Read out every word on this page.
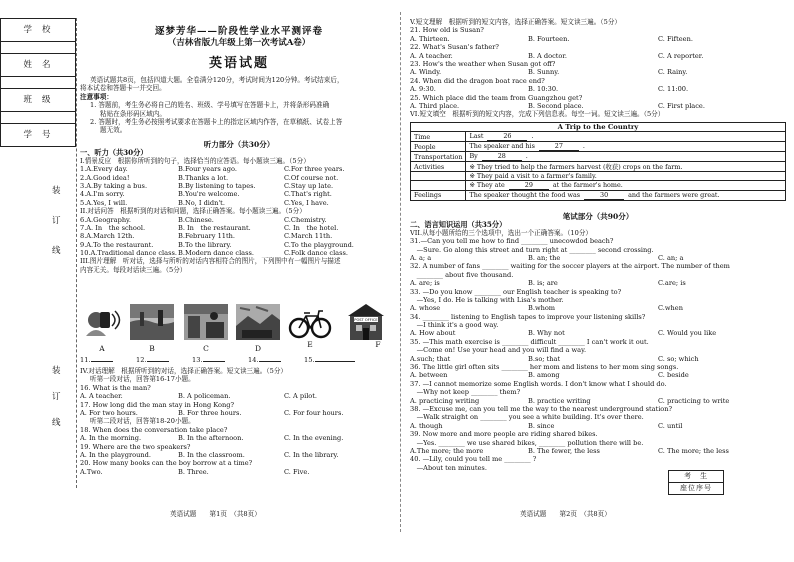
学校

姓名

班级

学号
装
订
线
装
订
线
逐梦芳华——阶段性学业水平测评卷
（吉林省版九年级上第一次考试A卷）
英语试题
英语试题共8页，包括四道大题。全卷满分120分，考试时间为120分钟。考试结束后，
将本试卷和答题卡一并交回。
注意事项：
1. 答题前，考生务必将自己的姓名、班级、学号填写在答题卡上，并将条形码准确
粘贴在条形码区域内。
2. 答题时，考生务必按照考试要求在答题卡上的指定区域内作答，在草稿纸、试卷上答
题无效。
听力部分（共30分）
一、听力（共30分）
I.情景反应　根据你所听到的句子，选择恰当的应答语。每小题读三遍。（5分）
1.A.Every day.	B.Four years ago.	C.For three years.
2.A.Good idea!	B.Thanks a lot.	C.Of course not.
3.A.By taking a bus.	B.By listening to tapes.	C.Stay up late.
4.A.I'm sorry.	B.You're welcome.	C.That's right.
5.A.Yes, I will.	B.No, I didn't.	C.Yes, I have.
II.对话问答　根据听到的对话和问题，选择正确答案。每小题读三遍。（5分）
6.A.Geography.	B.Chinese.	C.Chemistry.
7.A. In　the school.	B. In　the restaurant.	C. In　the hotel.
8.A.March 12th.	B.February 11th.	C.March 11th.
9.A.To the restaurant.	B.To the library.	C.To the playground.
10.A.Traditional dance class. B.Modern dance class.	C.Folk dance class.
III.图片理解　听对话，选择与所听的对话内容相符合的图片，下列图中有一幅图片与描述
内容无关。每段对话读三遍。（5分）
POST OFFICE
A	B	C	D	E	F
11.	12.	13.	14.	15.
IV.对话理解　根据所听到的对话，选择正确答案。短文读三遍。（5分）
听第一段对话，回答第16-17小题。
16. What is the man?
A. A teacher.	B. A policeman.	C. A pilot.
17. How long did the man stay in Hong Kong?
A. For two hours.	B. For three hours.	C. For four hours.
听第二段对话，回答第18-20小题。
18. When does the conversation take place?
A. In the morning.	B. In the afternoon.	C. In the evening.
19. Where are the two speakers?
A. In the playground.	B. In the classroom.	C. In the library.
20. How many books can the boy borrow at a time?
A.Two.	B. Three.	C. Five.
英语试题　　第1页　（共8页）
V.短文理解　根据听到的短文内容，选择正确答案。短文读三遍。（5分）
21. How old is Susan?
A. Thirteen.	B. Fourteen.	C. Fifteen.
22. What's Susan's father?
A. A teacher.	B. A doctor.	C. A reporter.
23. How's the weather when Susan got off?
A. Windy.	B. Sunny.	C. Rainy.
24. When did the dragon boat race end?
A. 9:30.	B. 10:30.	C. 11:00.
25. Which place did the team from Guangzhou get?
A. Third place.	B. Second place.	C. First place.
VI.短文填空　根据听到的短文内容，完成下列信息表。每空一词。短文读三遍。（5分）
A Trip to the Country	
Time	Last 26 .
People	The speaker and his 27 .
Transportation	By 28 .
Activities	※ They tried to help the farmers harvest (收获) crops on the farm.
	※ They paid a visit to a farmer's family.
	※ They ate 29 at the farmer's home.
Feelings	The speaker thought the food was 30 and the farmers were great.
笔试部分（共90分）
二、语言知识运用（共35分）
VII.从每小题所给的三个选项中，选出一个正确答案。（10分）
31.—Can you tell me how to find ________ unecowdod beach?
　—Sure. Go along this street and turn right at ________ second crossing.
A. a; a	B. an; the	C. an; a
32. A number of fans ________ waiting for the soccer players at the airport. The number of them
　________ about five thousand.
A. are; is	B. is; are	C.are; is
33. —Do you know ________ our English teacher is speaking to?
　—Yes, I do. He is talking with Lisa's mother.
A. whose	B.whom	C.when
34. ________ listening to English tapes to improve your listening skills?
　—I think it's a good way.
A. How about	B. Why not	C. Would you like
35. —This math exercise is ________ difficult ________ I can't work it out.
　—Come on! Use your head and you will find a way.
A.such; that	B.so; that	C. so; which
36. The little girl often sits ________ her mom and listens to her mom sing songs.
A. between	B. among	C. beside
37. —I cannot memorize some English words. I don't know what I should do.
　—Why not keep ________ them?
A. practicing writing	B. practice writing	C. practicing to write
38. —Excuse me, can you tell me the way to the nearest underground station?
　—Walk straight on ________ you see a white building. It's over there.
A. though	B. since	C. until
39. Now more and more people are riding shared bikes.
　—Yes. ________ we use shared bikes, ________ pollution there will be.
A.The more; the more	B. The fewer, the less	C. The more; the less
40. —Lily, could you tell me ________ ?
　—About ten minutes.
英语试题　　第2页　（共8页）
考　生
座位序号
